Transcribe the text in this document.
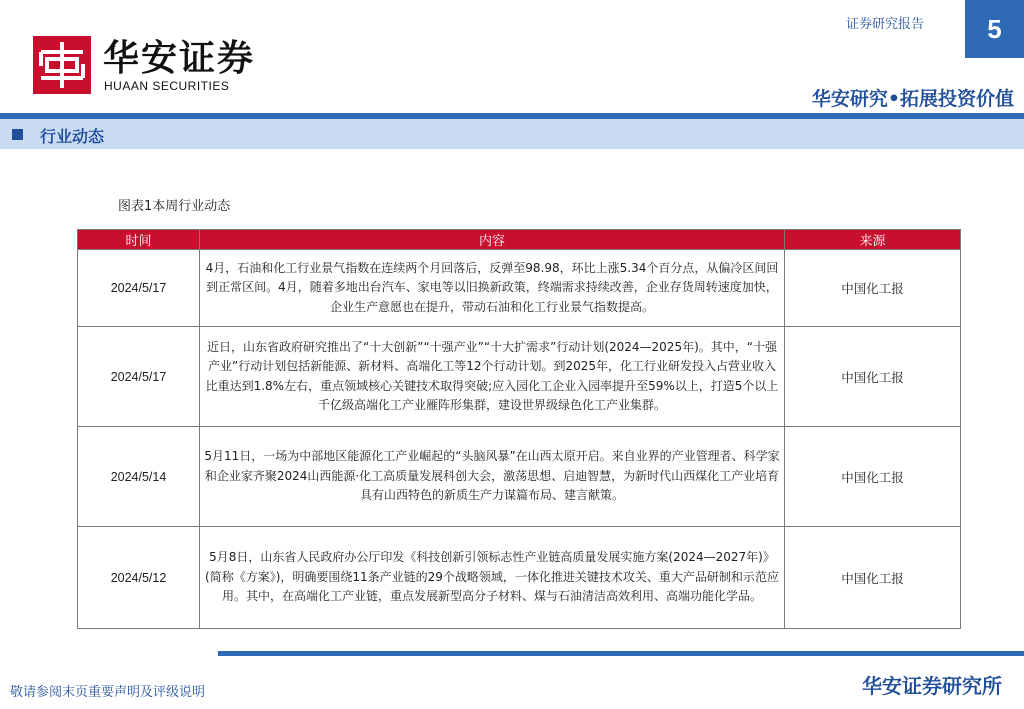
华安证券
HUAAN SECURITIES
证券研究报告	5
华安研究•拓展投资价值
行业动态
图表1本周行业动态
时间	内容	来源
2024/5/17	4月，石油和化工行业景气指数在连续两个月回落后，反弹至98.98，环比上涨5.34个百分点，从偏冷区间回到正常区间。4月，随着多地出台汽车、家电等以旧换新政策，终端需求持续改善，企业存货周转速度加快，企业生产意愿也在提升，带动石油和化工行业景气指数提高。	中国化工报
2024/5/17	近日，山东省政府研究推出了“十大创新”“十强产业”“十大扩需求”行动计划(2024—2025年)。其中，“十强产业”行动计划包括新能源、新材料、高端化工等12个行动计划。到2025年，化工行业研发投入占营业收入比重达到1.8%左右，重点领域核心关键技术取得突破;应入园化工企业入园率提升至59%以上，打造5个以上千亿级高端化工产业雁阵形集群，建设世界级绿色化工产业集群。	中国化工报
2024/5/14	5月11日，一场为中部地区能源化工产业崛起的“头脑风暴”在山西太原开启。来自业界的产业管理者、科学家和企业家齐聚2024山西能源·化工高质量发展科创大会，激荡思想、启迪智慧，为新时代山西煤化工产业培育具有山西特色的新质生产力谋篇布局、建言献策。	中国化工报
2024/5/12	5月8日，山东省人民政府办公厅印发《科技创新引领标志性产业链高质量发展实施方案(2024—2027年)》(简称《方案》)，明确要围绕11条产业链的29个战略领域，一体化推进关键技术攻关、重大产品研制和示范应用。其中，在高端化工产业链，重点发展新型高分子材料、煤与石油清洁高效利用、高端功能化学品。	中国化工报
敬请参阅末页重要声明及评级说明	华安证券研究所
